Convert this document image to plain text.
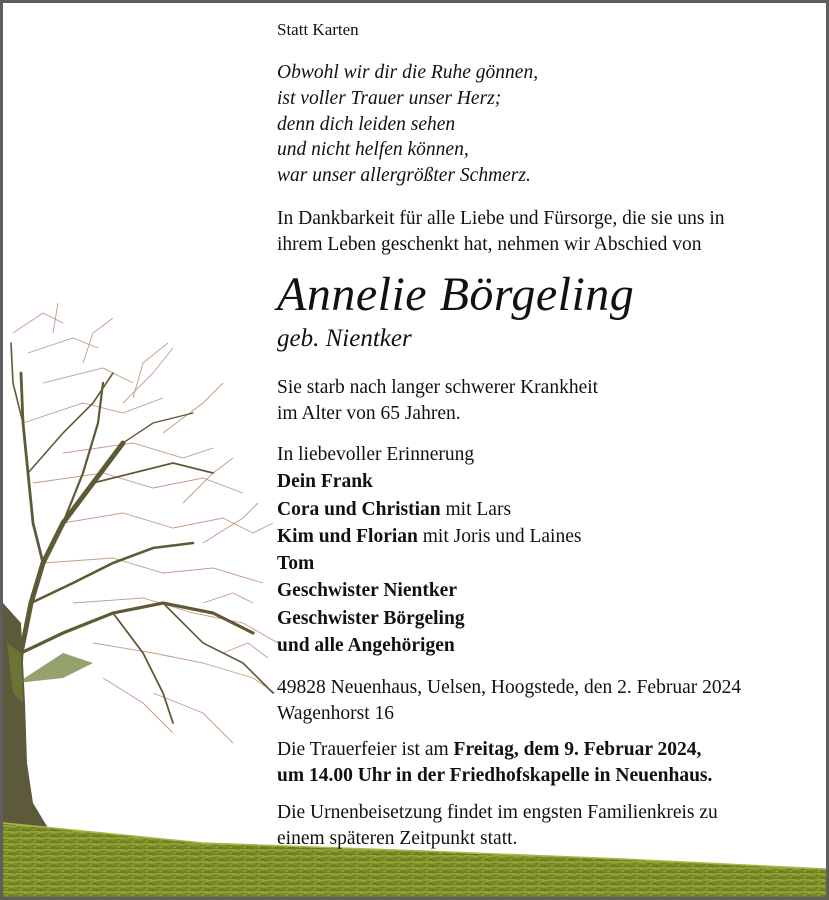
Statt Karten
Obwohl wir dir die Ruhe gönnen,
ist voller Trauer unser Herz;
denn dich leiden sehen
und nicht helfen können,
war unser allergrößter Schmerz.
In Dankbarkeit für alle Liebe und Fürsorge, die sie uns in
ihrem Leben geschenkt hat, nehmen wir Abschied von
Annelie Börgeling
geb. Nientker
Sie starb nach langer schwerer Krankheit
im Alter von 65 Jahren.
In liebevoller Erinnerung
Dein Frank
Cora und Christian mit Lars
Kim und Florian mit Joris und Laines
Tom
Geschwister Nientker
Geschwister Börgeling
und alle Angehörigen
49828 Neuenhaus, Uelsen, Hoogstede, den 2. Februar 2024
Wagenhorst 16
Die Trauerfeier ist am Freitag, dem 9. Februar 2024,
um 14.00 Uhr in der Friedhofskapelle in Neuenhaus.
Die Urnenbeisetzung findet im engsten Familienkreis zu
einem späteren Zeitpunkt statt.
